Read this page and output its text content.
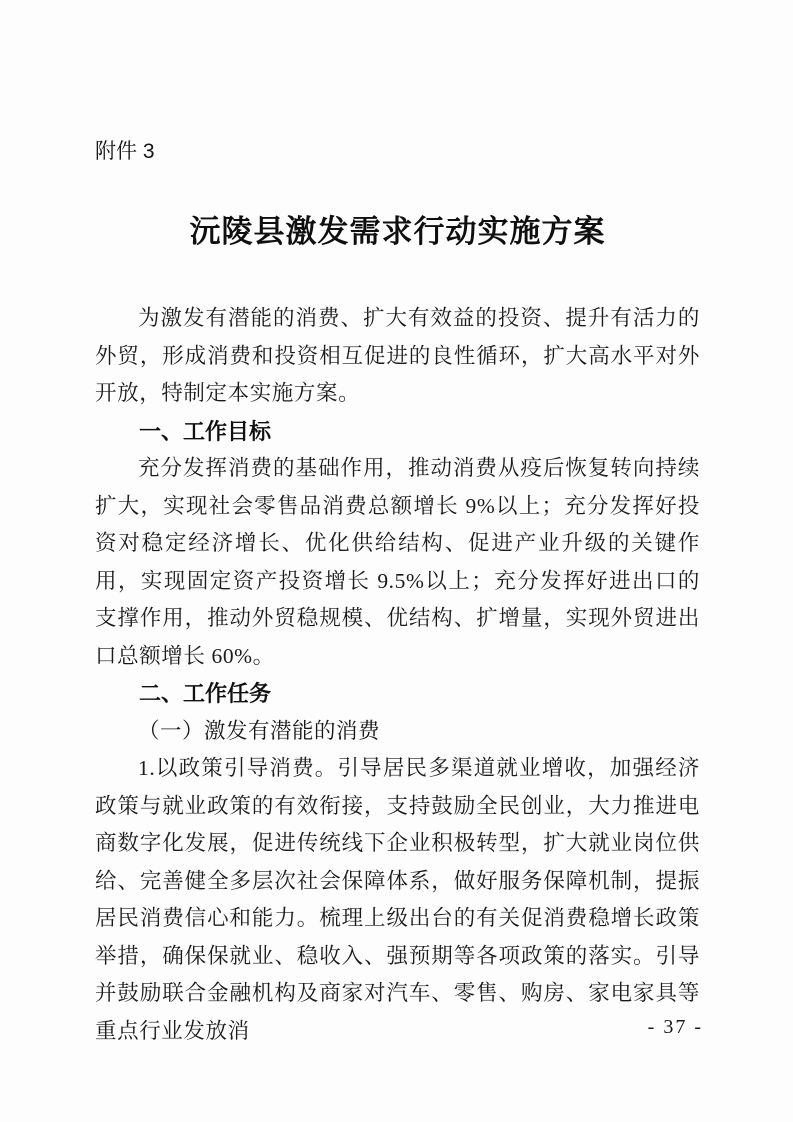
附件 3
沅陵县激发需求行动实施方案

为激发有潜能的消费、扩大有效益的投资、提升有活力的外贸，形成消费和投资相互促进的良性循环，扩大高水平对外开放，特制定本实施方案。

一、工作目标

充分发挥消费的基础作用，推动消费从疫后恢复转向持续扩大，实现社会零售品消费总额增长 9%以上；充分发挥好投资对稳定经济增长、优化供给结构、促进产业升级的关键作用，实现固定资产投资增长 9.5%以上；充分发挥好进出口的支撑作用，推动外贸稳规模、优结构、扩增量，实现外贸进出口总额增长 60%。

二、工作任务
（一）激发有潜能的消费

1.以政策引导消费。引导居民多渠道就业增收，加强经济政策与就业政策的有效衔接，支持鼓励全民创业，大力推进电商数字化发展，促进传统线下企业积极转型，扩大就业岗位供给、完善健全多层次社会保障体系，做好服务保障机制，提振居民消费信心和能力。梳理上级出台的有关促消费稳增长政策举措，确保保就业、稳收入、强预期等各项政策的落实。引导并鼓励联合金融机构及商家对汽车、零售、购房、家电家具等重点行业发放消	- 37 -
